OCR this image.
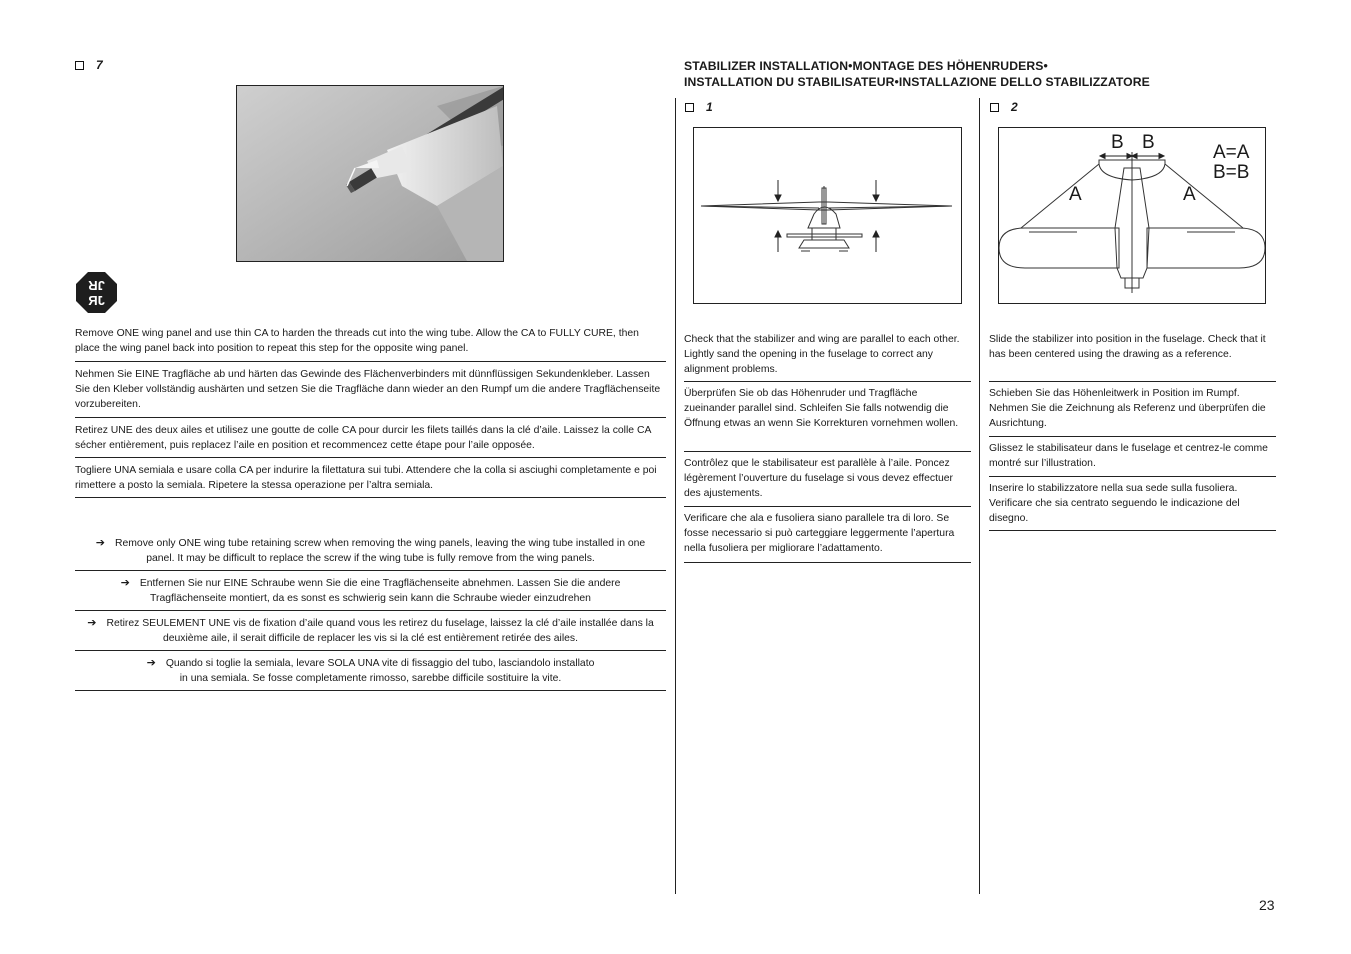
7
JR
JR
Remove ONE wing panel and use thin CA to harden the threads cut into the wing tube. Allow the CA to FULLY CURE, then place the wing panel back into position to repeat this step for the opposite wing panel.
Nehmen Sie EINE Tragfläche ab und härten das Gewinde des Flächenverbinders mit dünnflüssigen Sekundenkleber. Lassen Sie den Kleber vollständig aushärten und setzen Sie die Tragfläche dann wieder an den Rumpf um die andere Tragflächenseite vorzubereiten.
Retirez UNE des deux ailes et utilisez une goutte de colle CA pour durcir les filets taillés dans la clé d’aile. Laissez la colle CA sécher entièrement, puis replacez l’aile en position et recommencez cette étape pour l’aile opposée.
Togliere UNA semiala e usare colla CA per indurire la filettatura sui tubi. Attendere che la colla si asciughi completamente e poi rimettere a posto la semiala. Ripetere la stessa operazione per l’altra semiala.
➔ Remove only ONE wing tube retaining screw when removing the wing panels, leaving the wing tube installed in one panel. It may be difficult to replace the screw if the wing tube is fully remove from the wing panels.
➔ Entfernen Sie nur EINE Schraube wenn Sie die eine Tragflächenseite abnehmen. Lassen Sie die andere Tragflächenseite montiert, da es sonst es schwierig sein kann die Schraube wieder einzudrehen
➔ Retirez SEULEMENT UNE vis de fixation d’aile quand vous les retirez du fuselage, laissez la clé d’aile installée dans la deuxième aile, il serait difficile de replacer les vis si la clé est entièrement retirée des ailes.
➔ Quando si toglie la semiala, levare SOLA UNA vite di fissaggio del tubo, lasciandolo installato in una semiala. Se fosse completamente rimosso, sarebbe difficile sostituire la vite.
STABILIZER INSTALLATION•MONTAGE DES HÖHENRUDERS•
INSTALLATION DU STABILISATEUR•INSTALLAZIONE DELLO STABILIZZATORE
1
Check that the stabilizer and wing are parallel to each other. Lightly sand the opening in the fuselage to correct any alignment problems.
Überprüfen Sie ob das Höhenruder und Tragfläche zueinander parallel sind. Schleifen Sie falls notwendig die Öffnung etwas an wenn Sie Korrekturen vornehmen wollen.
Contrôlez que le stabilisateur est parallèle à l’aile. Poncez légèrement l’ouverture du fuselage si vous devez effectuer des ajustements.
Verificare che ala e fusoliera siano parallele tra di loro. Se fosse necessario si può carteggiare leggermente l’apertura nella fusoliera per migliorare l’adattamento.
2
B B
A	A
A=A
B=B
Slide the stabilizer into position in the fuselage. Check that it has been centered using the drawing as a reference.
Schieben Sie das Höhenleitwerk in Position im Rumpf. Nehmen Sie die Zeichnung als Referenz und überprüfen die Ausrichtung.
Glissez le stabilisateur dans le fuselage et centrez-le comme montré sur l’illustration.
Inserire lo stabilizzatore nella sua sede sulla fusoliera. Verificare che sia centrato seguendo le indicazione del disegno.
23
